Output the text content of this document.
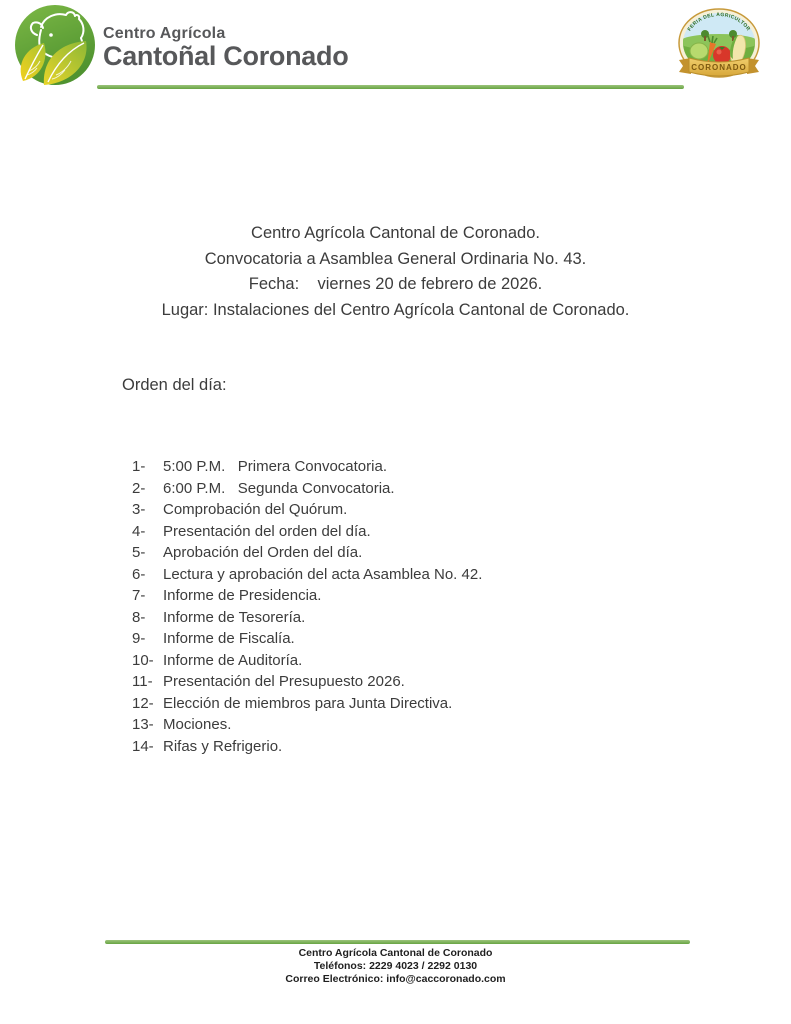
Centro Agrícola
Cantoñal Coronado
FERIA DEL AGRICULTOR
CORONADO
Centro Agrícola Cantonal de Coronado.
Convocatoria a Asamblea General Ordinaria No. 43.
Fecha:    viernes 20 de febrero de 2026.
Lugar: Instalaciones del Centro Agrícola Cantonal de Coronado.
Orden del día:
1-	5:00 P.M.   Primera Convocatoria.
2-	6:00 P.M.   Segunda Convocatoria.
3-	Comprobación del Quórum.
4-	Presentación del orden del día.
5-	Aprobación del Orden del día.
6-	Lectura y aprobación del acta Asamblea No. 42.
7-	Informe de Presidencia.
8-	Informe de Tesorería.
9-	Informe de Fiscalía.
10- Informe de Auditoría.
11- Presentación del Presupuesto 2026.
12- Elección de miembros para Junta Directiva.
13- Mociones.
14- Rifas y Refrigerio.
Centro Agrícola Cantonal de Coronado
Teléfonos: 2229 4023 / 2292 0130
Correo Electrónico: info@caccoronado.com
